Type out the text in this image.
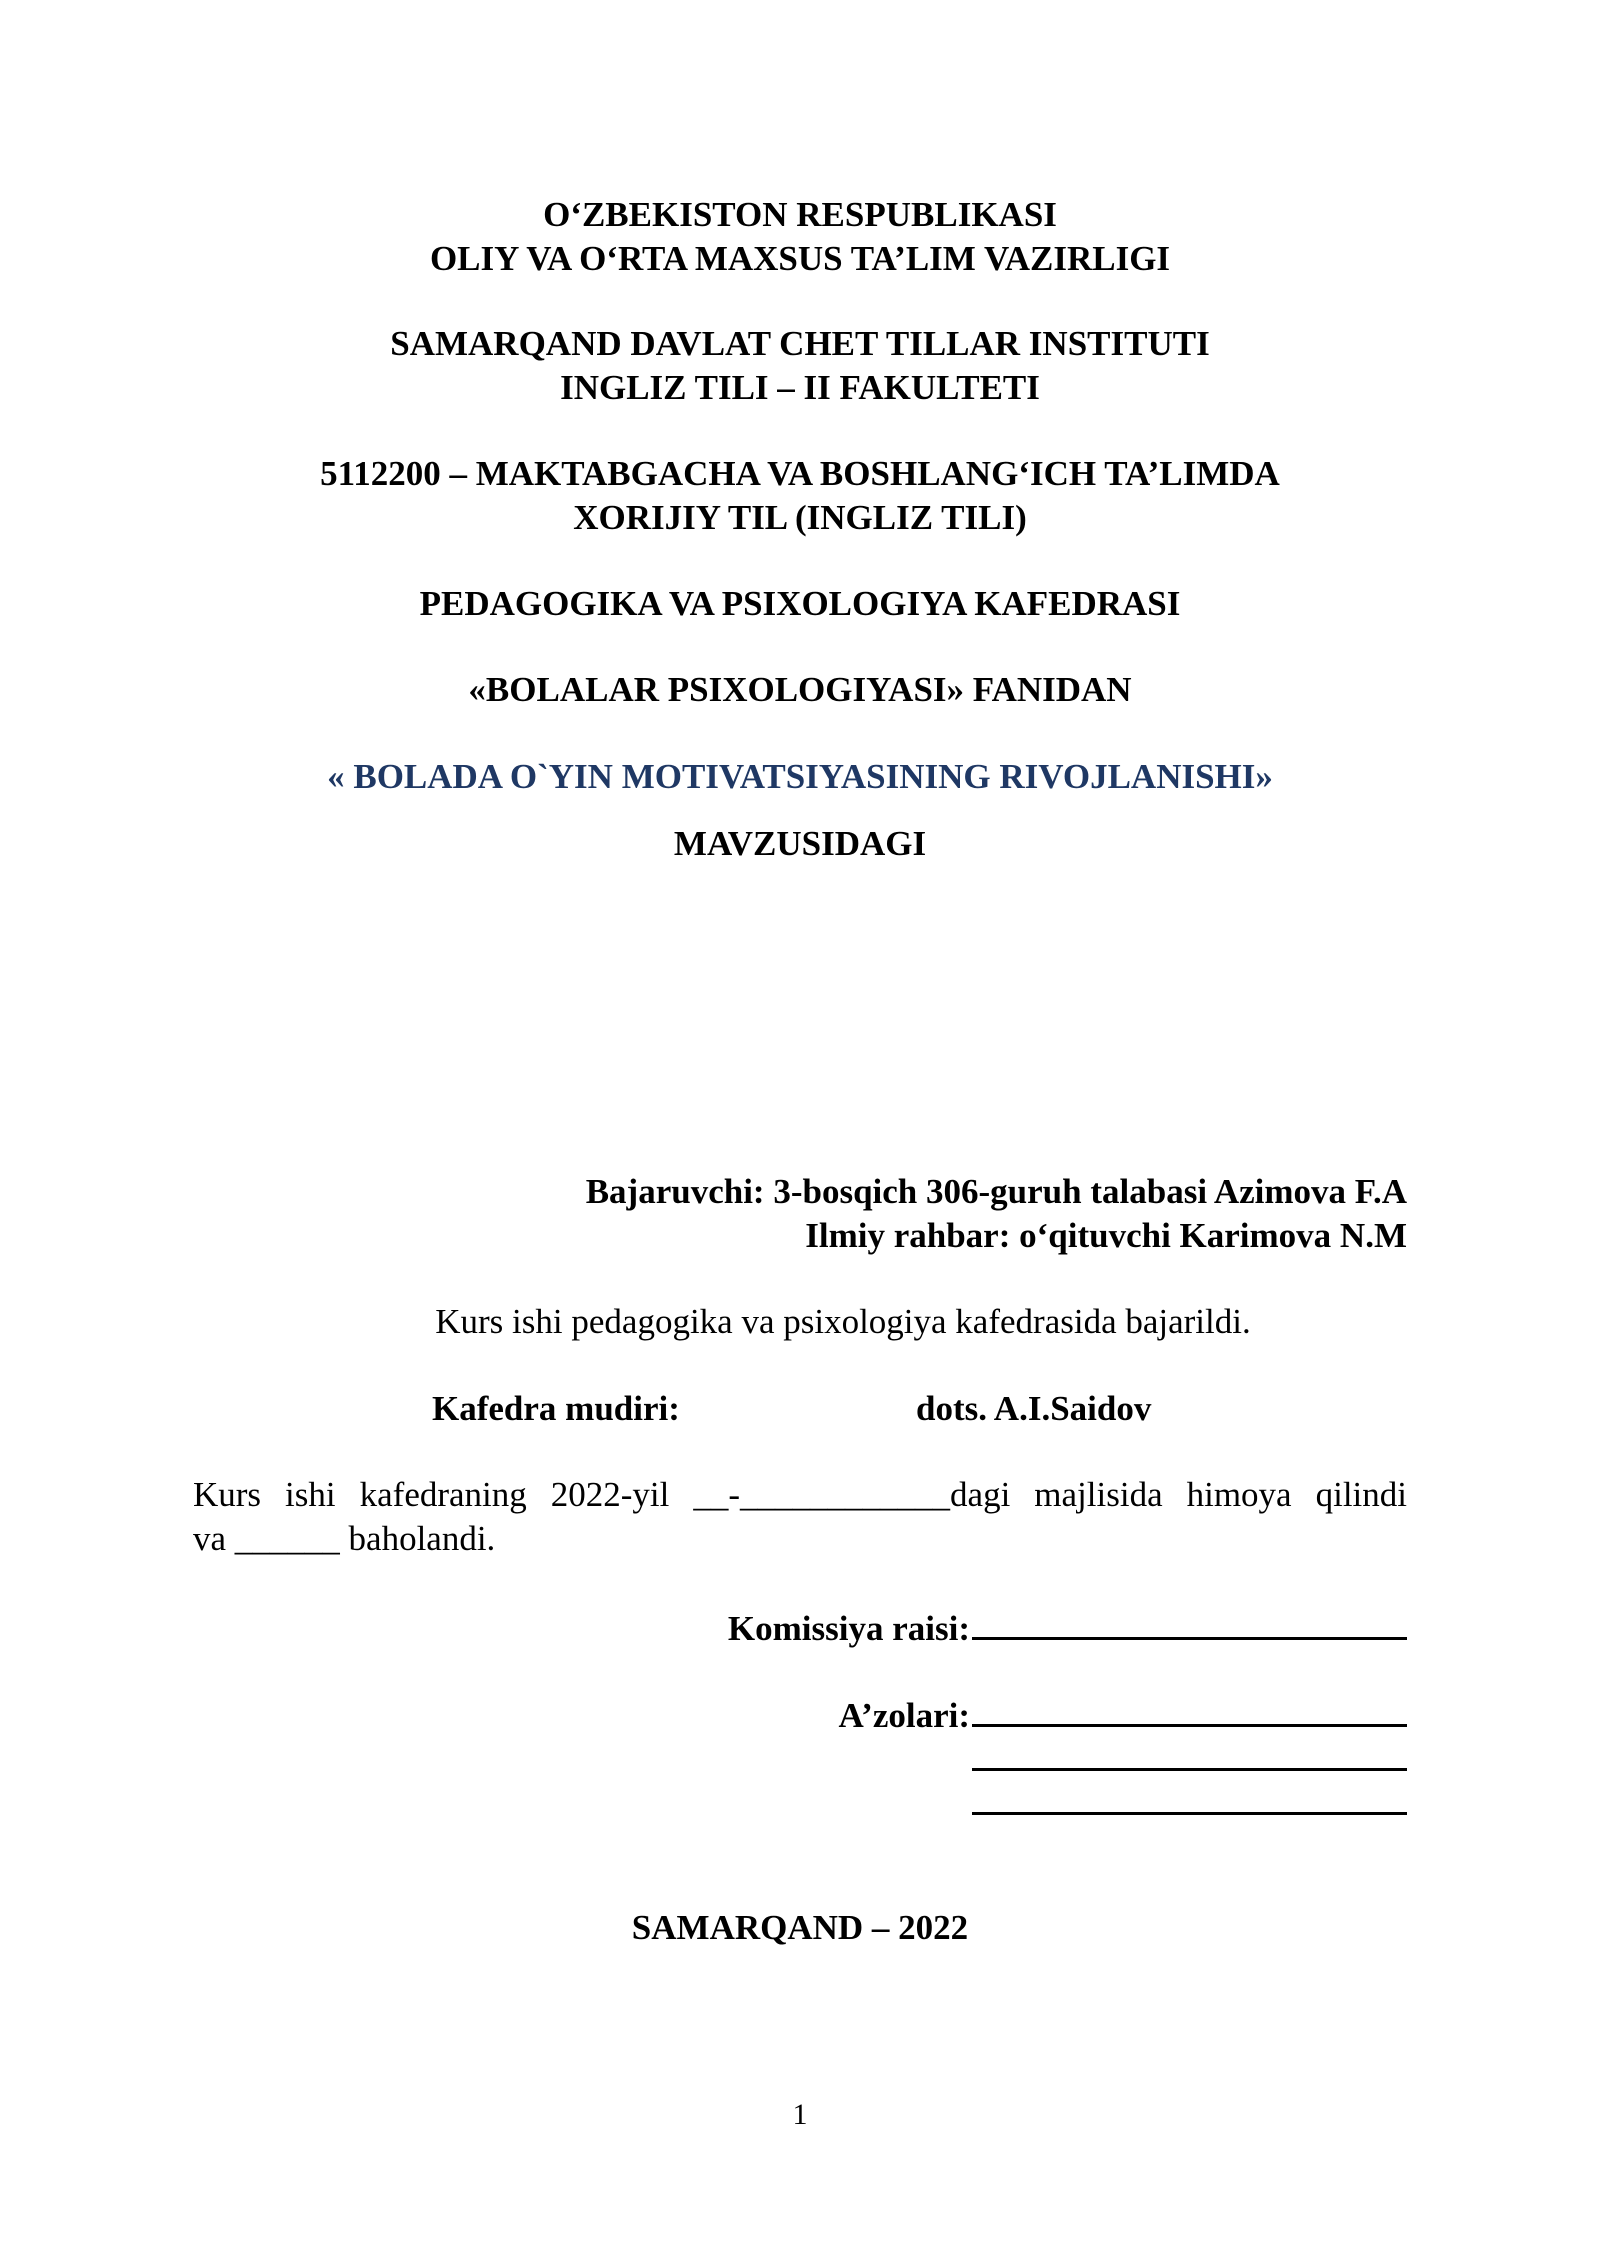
O‘ZBEKISTON RESPUBLIKASI
OLIY VA O‘RTA MAXSUS TA’LIM VAZIRLIGI
SAMARQAND DAVLAT CHET TILLAR INSTITUTI
INGLIZ TILI – II FAKULTETI
5112200 – MAKTABGACHA VA BOSHLANG‘ICH TA’LIMDA
XORIJIY TIL (INGLIZ TILI)
PEDAGOGIKA VA PSIXOLOGIYA KAFEDRASI
«BOLALAR PSIXOLOGIYASI» FANIDAN
« BOLADA O`YIN MOTIVATSIYASINING RIVOJLANISHI»
MAVZUSIDAGI
Bajaruvchi: 3-bosqich 306-guruh talabasi Azimova F.A
Ilmiy rahbar: o‘qituvchi Karimova N.M
Kurs ishi pedagogika va psixologiya kafedrasida bajarildi.
Kafedra mudiri:	dots. A.I.Saidov
Kurs ishi kafedraning 2022-yil __-____________dagi majlisida himoya qilindi
va ______ baholandi.
Komissiya raisi:
A’zolari:
SAMARQAND – 2022
1
